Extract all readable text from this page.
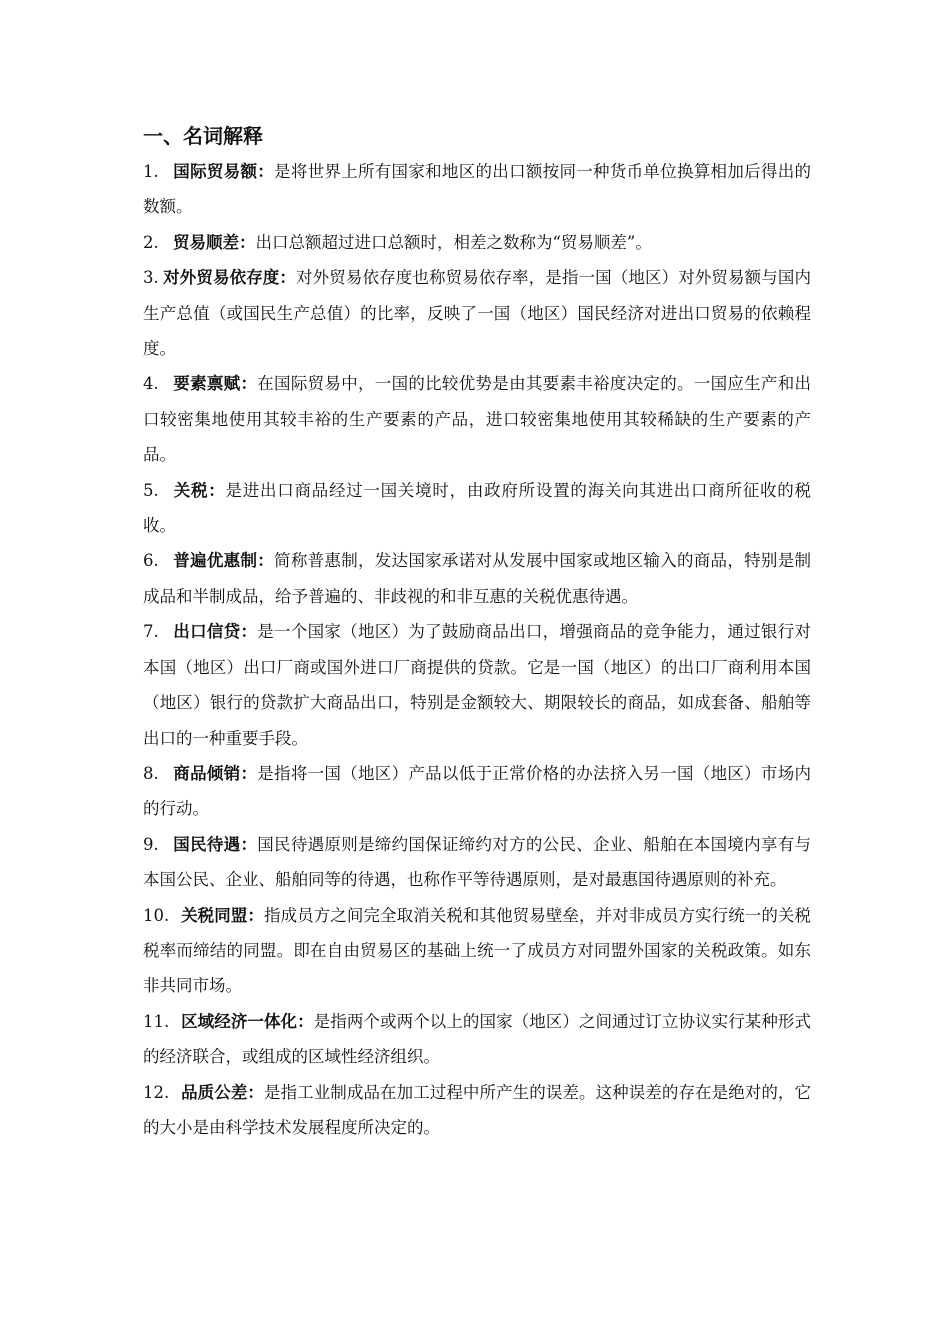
一、名词解释

1. 国际贸易额：是将世界上所有国家和地区的出口额按同一种货币单位换算相加后得出的数额。

2. 贸易顺差：出口总额超过进口总额时，相差之数称为“贸易顺差”。

3. 对外贸易依存度：对外贸易依存度也称贸易依存率，是指一国（地区）对外贸易额与国内生产总值（或国民生产总值）的比率，反映了一国（地区）国民经济对进出口贸易的依赖程度。

4. 要素禀赋：在国际贸易中，一国的比较优势是由其要素丰裕度决定的。一国应生产和出口较密集地使用其较丰裕的生产要素的产品，进口较密集地使用其较稀缺的生产要素的产品。

5. 关税：是进出口商品经过一国关境时，由政府所设置的海关向其进出口商所征收的税收。

6. 普遍优惠制：简称普惠制，发达国家承诺对从发展中国家或地区输入的商品，特别是制成品和半制成品，给予普遍的、非歧视的和非互惠的关税优惠待遇。

7. 出口信贷：是一个国家（地区）为了鼓励商品出口，增强商品的竞争能力，通过银行对本国（地区）出口厂商或国外进口厂商提供的贷款。它是一国（地区）的出口厂商利用本国（地区）银行的贷款扩大商品出口，特别是金额较大、期限较长的商品，如成套备、船舶等出口的一种重要手段。

8. 商品倾销：是指将一国（地区）产品以低于正常价格的办法挤入另一国（地区）市场内的行动。

9. 国民待遇：国民待遇原则是缔约国保证缔约对方的公民、企业、船舶在本国境内享有与本国公民、企业、船舶同等的待遇，也称作平等待遇原则，是对最惠国待遇原则的补充。

10. 关税同盟：指成员方之间完全取消关税和其他贸易壁垒，并对非成员方实行统一的关税税率而缔结的同盟。即在自由贸易区的基础上统一了成员方对同盟外国家的关税政策。如东非共同市场。

11. 区域经济一体化：是指两个或两个以上的国家（地区）之间通过订立协议实行某种形式的经济联合，或组成的区域性经济组织。

12. 品质公差：是指工业制成品在加工过程中所产生的误差。这种误差的存在是绝对的，它的大小是由科学技术发展程度所决定的。
